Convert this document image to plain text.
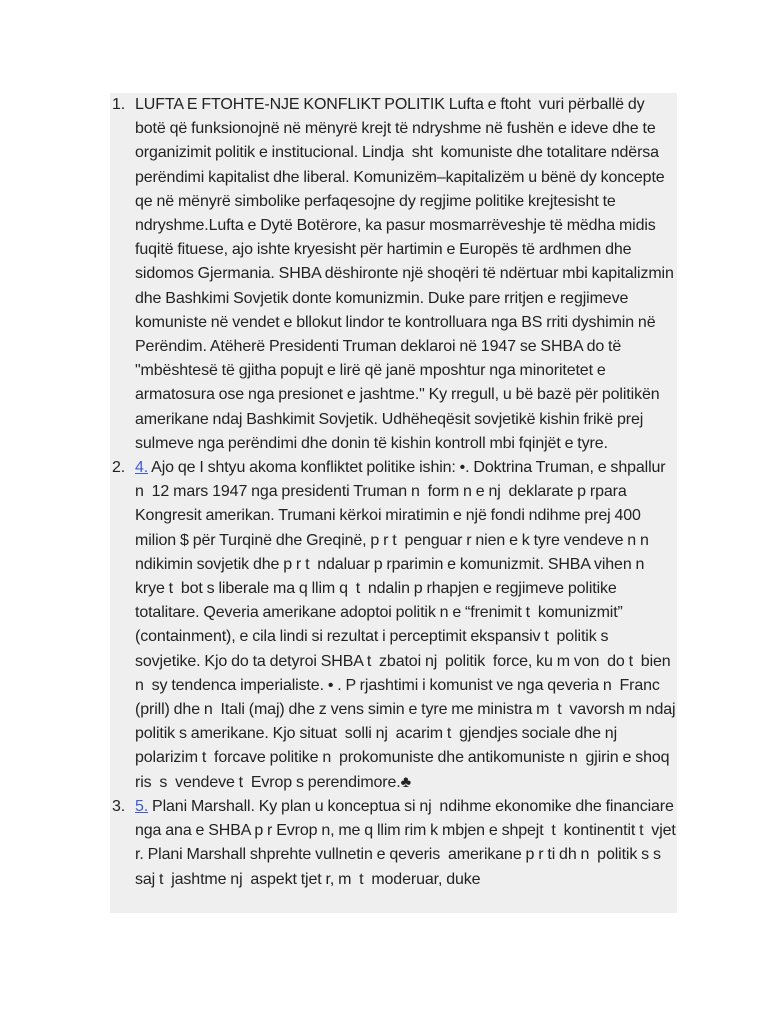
1. LUFTA E FTOHTE-NJE KONFLIKT POLITIK Lufta e ftoht  vuri përballë dy botë që funksionojnë në mënyrë krejt të ndryshme në fushën e ideve dhe te organizimit politik e institucional. Lindja  sht  komuniste dhe totalitare ndërsa perëndimi kapitalist dhe liberal. Komunizëm–kapitalizëm u bënë dy koncepte qe në mënyrë simbolike perfaqesojne dy regjime politike krejtesisht te ndryshme.Lufta e Dytë Botërore, ka pasur mosmarrëveshje të mëdha midis fuqitë fituese, ajo ishte kryesisht për hartimin e Europës të ardhmen dhe sidomos Gjermania. SHBA dëshironte një shoqëri të ndërtuar mbi kapitalizmin dhe Bashkimi Sovjetik donte komunizmin. Duke pare rritjen e regjimeve komuniste në vendet e bllokut lindor te kontrolluara nga BS rriti dyshimin në Perëndim. Atëherë Presidenti Truman deklaroi në 1947 se SHBA do të "mbështesë të gjitha popujt e lirë që janë mposhtur nga minoritetet e armatosura ose nga presionet e jashtme." Ky rregull, u bë bazë për politikën amerikane ndaj Bashkimit Sovjetik. Udhëheqësit sovjetikë kishin frikë prej sulmeve nga perëndimi dhe donin të kishin kontroll mbi fqinjët e tyre.
2. 4. Ajo qe I shtyu akoma konfliktet politike ishin: •. Doktrina Truman, e shpallur n  12 mars 1947 nga presidenti Truman n  form n e nj  deklarate p rpara Kongresit amerikan. Trumani kërkoi miratimin e një fondi ndihme prej 400 milion $ për Turqinë dhe Greqinë, p r t  penguar r nien e k tyre vendeve n n ndikimin sovjetik dhe p r t  ndaluar p rparimin e komunizmit. SHBA vihen n  krye t  bot s liberale ma q llim q  t  ndalin p rhapjen e regjimeve politike totalitare. Qeveria amerikane adoptoi politik n e “frenimit t  komunizmit” (containment), e cila lindi si rezultat i perceptimit ekspansiv t  politik s sovjetike. Kjo do ta detyroi SHBA t  zbatoi nj  politik  force, ku m von  do t  bien n  sy tendenca imperialiste. • . P rjashtimi i komunist ve nga qeveria n  Franc  (prill) dhe n  Itali (maj) dhe z vens simin e tyre me ministra m  t  vavorsh m ndaj politik s amerikane. Kjo situat  solli nj  acarim t  gjendjes sociale dhe nj  polarizim t  forcave politike n  prokomuniste dhe antikomuniste n  gjirin e shoq ris  s  vendeve t  Evrop s perendimore.♣
3. 5. Plani Marshall. Ky plan u konceptua si nj  ndihme ekonomike dhe financiare nga ana e SHBA p r Evrop n, me q llim rim k mbjen e shpejt  t  kontinentit t  vjet r. Plani Marshall shprehte vullnetin e qeveris  amerikane p r ti dh n  politik s s  saj t  jashtme nj  aspekt tjet r, m  t  moderuar, duke
